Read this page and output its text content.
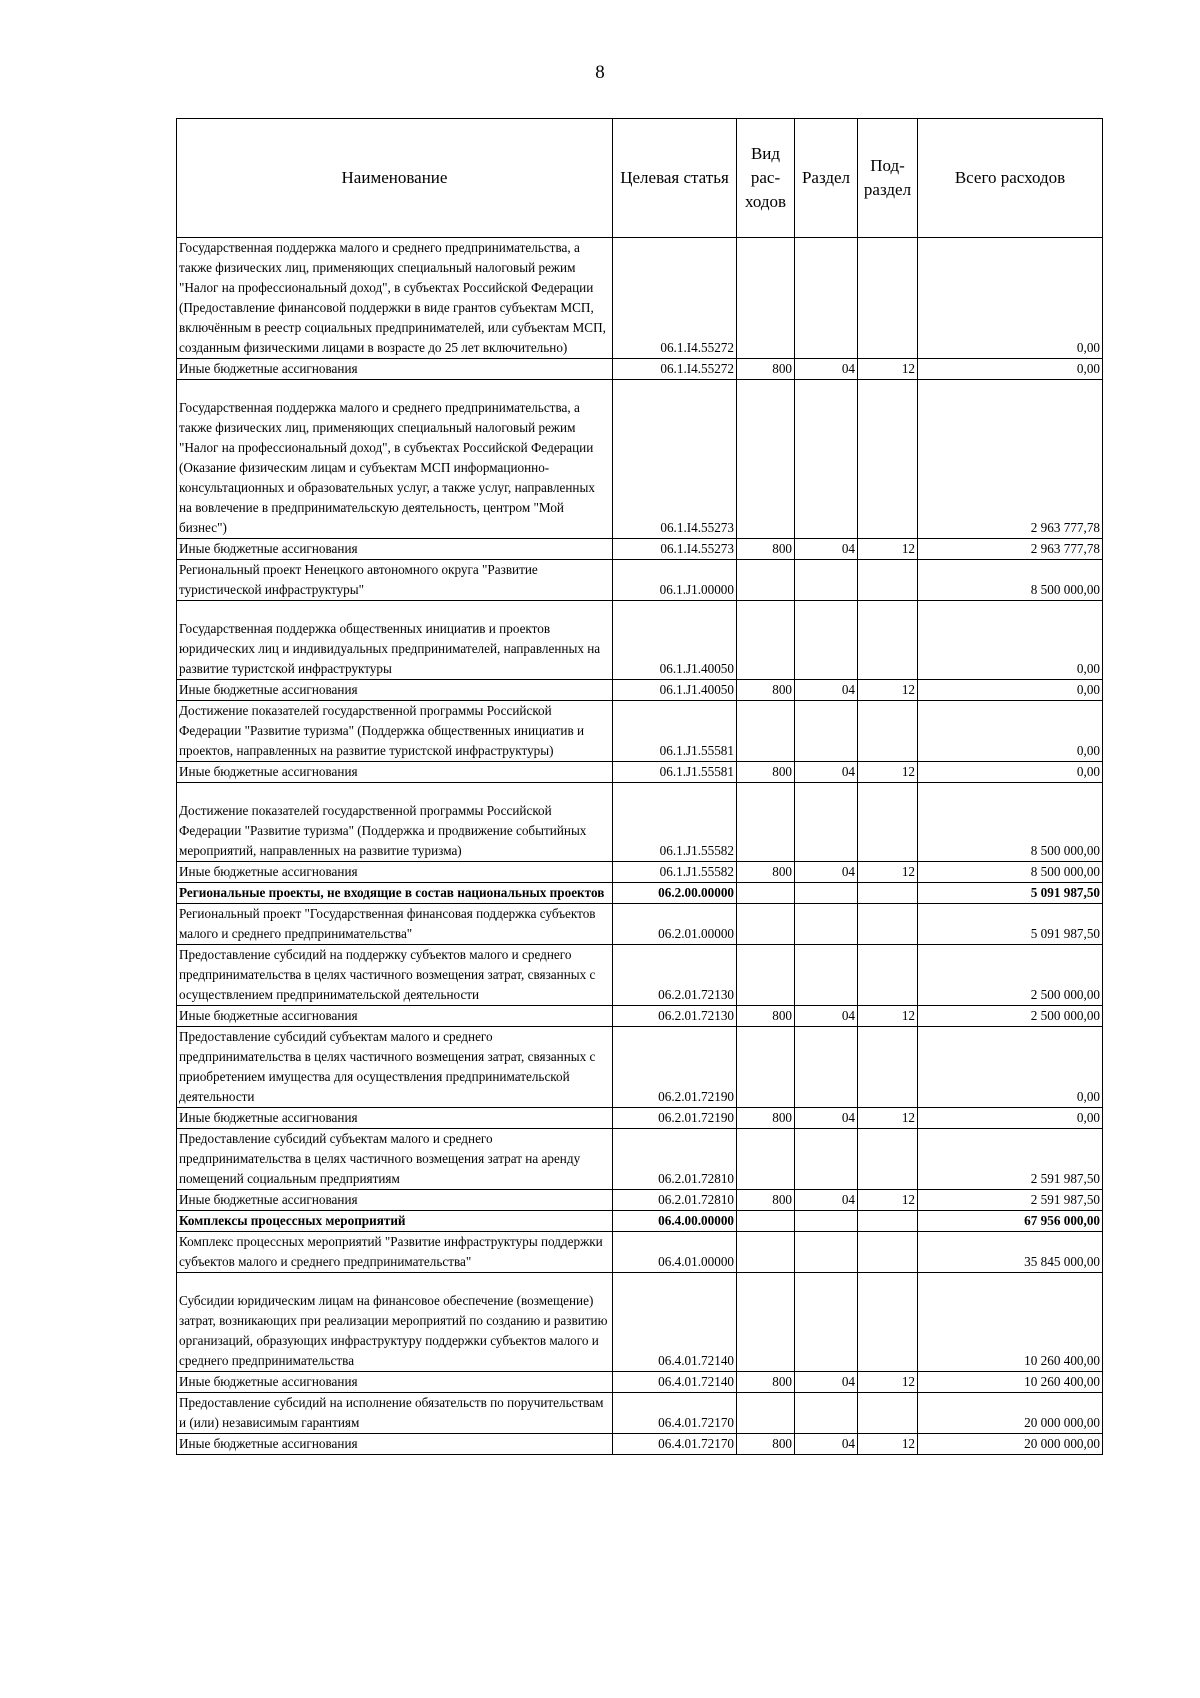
8
Наименование	Целевая статья	Вид рас-ходов	Раздел	Под-раздел	Всего расходов
Государственная поддержка малого и среднего предпринимательства, а также физических лиц, применяющих специальный налоговый режим "Налог на профессиональный доход", в субъектах Российской Федерации (Предоставление финансовой поддержки в виде грантов субъектам МСП, включённым в реестр социальных предпринимателей, или субъектам МСП, созданным физическими лицами в возрасте до 25 лет включительно)	06.1.I4.55272				0,00
Иные бюджетные ассигнования	06.1.I4.55272	800	04	12	0,00
Государственная поддержка малого и среднего предпринимательства, а также физических лиц, применяющих специальный налоговый режим "Налог на профессиональный доход", в субъектах Российской Федерации (Оказание физическим лицам и субъектам МСП информационно-консультационных и образовательных услуг, а также услуг, направленных на вовлечение в предпринимательскую деятельность, центром "Мой бизнес")	06.1.I4.55273				2 963 777,78
Иные бюджетные ассигнования	06.1.I4.55273	800	04	12	2 963 777,78
Региональный проект Ненецкого автономного округа "Развитие туристической инфраструктуры"	06.1.J1.00000				8 500 000,00
Государственная поддержка общественных инициатив и проектов юридических лиц и индивидуальных предпринимателей, направленных на развитие туристской инфраструктуры	06.1.J1.40050				0,00
Иные бюджетные ассигнования	06.1.J1.40050	800	04	12	0,00
Достижение показателей государственной программы Российской Федерации "Развитие туризма" (Поддержка общественных инициатив и проектов, направленных на развитие туристской инфраструктуры)	06.1.J1.55581				0,00
Иные бюджетные ассигнования	06.1.J1.55581	800	04	12	0,00
Достижение показателей государственной программы Российской Федерации "Развитие туризма" (Поддержка и продвижение событийных мероприятий, направленных на развитие туризма)	06.1.J1.55582				8 500 000,00
Иные бюджетные ассигнования	06.1.J1.55582	800	04	12	8 500 000,00
Региональные проекты, не входящие в состав национальных проектов	06.2.00.00000				5 091 987,50
Региональный проект "Государственная финансовая поддержка субъектов малого и среднего предпринимательства"	06.2.01.00000				5 091 987,50
Предоставление субсидий на поддержку субъектов малого и среднего предпринимательства в целях частичного возмещения затрат, связанных с осуществлением предпринимательской деятельности	06.2.01.72130				2 500 000,00
Иные бюджетные ассигнования	06.2.01.72130	800	04	12	2 500 000,00
Предоставление субсидий субъектам малого и среднего предпринимательства в целях частичного возмещения затрат, связанных с приобретением имущества для осуществления предпринимательской деятельности	06.2.01.72190				0,00
Иные бюджетные ассигнования	06.2.01.72190	800	04	12	0,00
Предоставление субсидий субъектам малого и среднего предпринимательства в целях частичного возмещения затрат на аренду помещений социальным предприятиям	06.2.01.72810				2 591 987,50
Иные бюджетные ассигнования	06.2.01.72810	800	04	12	2 591 987,50
Комплексы процессных мероприятий	06.4.00.00000				67 956 000,00
Комплекс процессных мероприятий "Развитие инфраструктуры поддержки субъектов малого и среднего предпринимательства"	06.4.01.00000				35 845 000,00
Субсидии юридическим лицам на финансовое обеспечение (возмещение) затрат, возникающих при реализации мероприятий по созданию и развитию организаций, образующих инфраструктуру поддержки субъектов малого и среднего предпринимательства	06.4.01.72140				10 260 400,00
Иные бюджетные ассигнования	06.4.01.72140	800	04	12	10 260 400,00
Предоставление субсидий на исполнение обязательств по поручительствам и (или) независимым гарантиям	06.4.01.72170				20 000 000,00
Иные бюджетные ассигнования	06.4.01.72170	800	04	12	20 000 000,00
